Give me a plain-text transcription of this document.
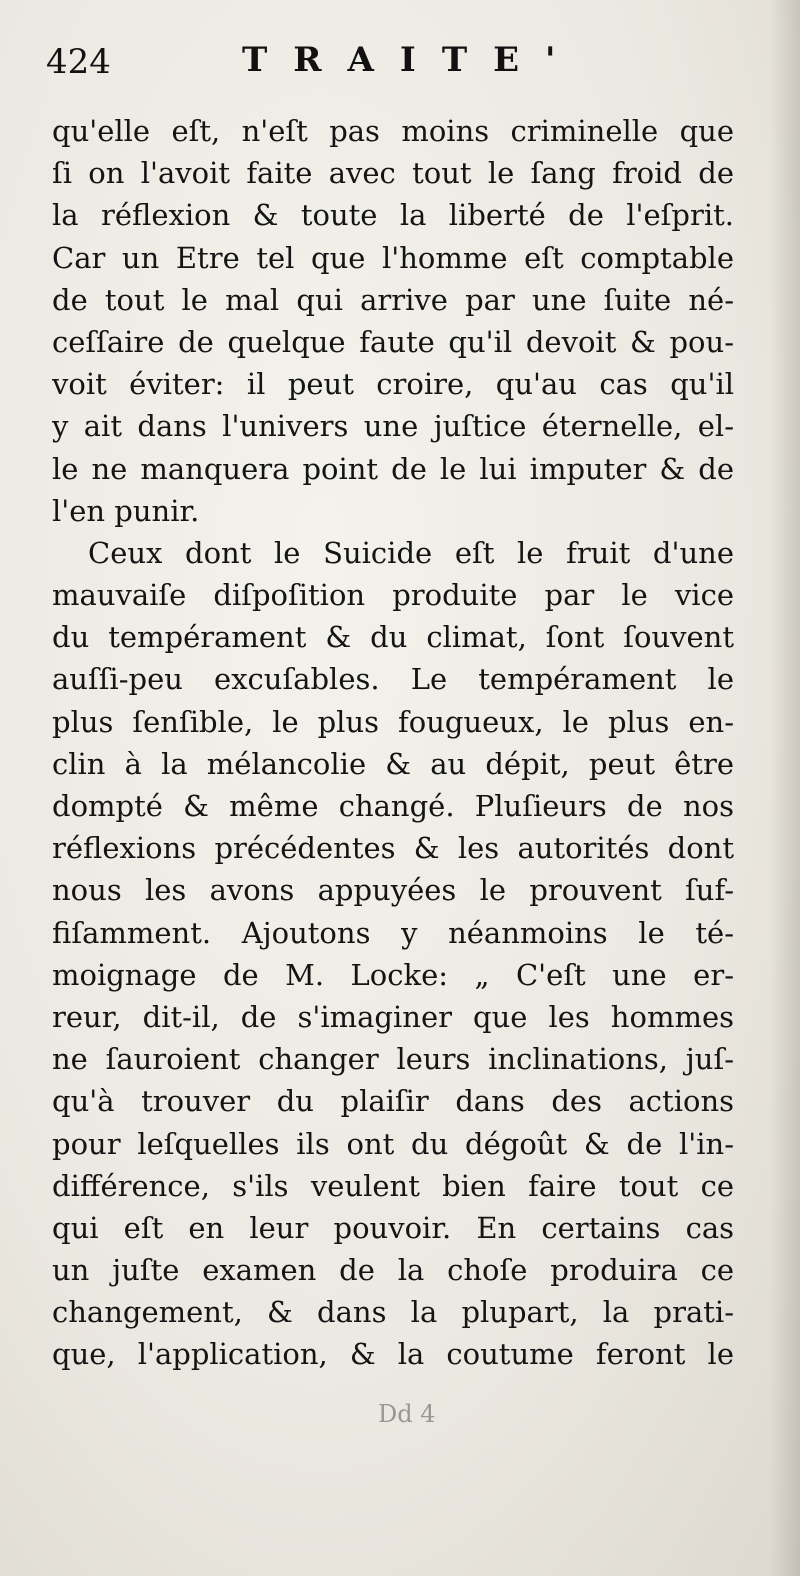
424	TRAITE'
qu'elle eſt, n'eſt pas moins criminelle que
ſi on l'avoit faite avec tout le ſang froid de
la réflexion & toute la liberté de l'eſprit.
Car un Etre tel que l'homme eſt comptable
de tout le mal qui arrive par une ſuite né-
ceſſaire de quelque faute qu'il devoit & pou-
voit éviter: il peut croire, qu'au cas qu'il
y ait dans l'univers une juſtice éternelle, el-
le ne manquera point de le lui imputer & de
l'en punir.
Ceux dont le Suicide eſt le fruit d'une
mauvaiſe diſpoſition produite par le vice
du tempérament & du climat, ſont ſouvent
auſſi-peu excuſables. Le tempérament le
plus ſenſible, le plus fougueux, le plus en-
clin à la mélancolie & au dépit, peut être
dompté & même changé. Pluſieurs de nos
réflexions précédentes & les autorités dont
nous les avons appuyées le prouvent ſuf-
fiſamment. Ajoutons y néanmoins le té-
moignage de M. Locke: „ C'eſt une er-
reur, dit-il, de s'imaginer que les hommes
ne ſauroient changer leurs inclinations, juſ-
qu'à trouver du plaiſir dans des actions
pour leſquelles ils ont du dégoût & de l'in-
différence, s'ils veulent bien faire tout ce
qui eſt en leur pouvoir. En certains cas
un juſte examen de la choſe produira ce
changement, & dans la plupart, la prati-
que, l'application, & la coutume feront le
Dd 4
